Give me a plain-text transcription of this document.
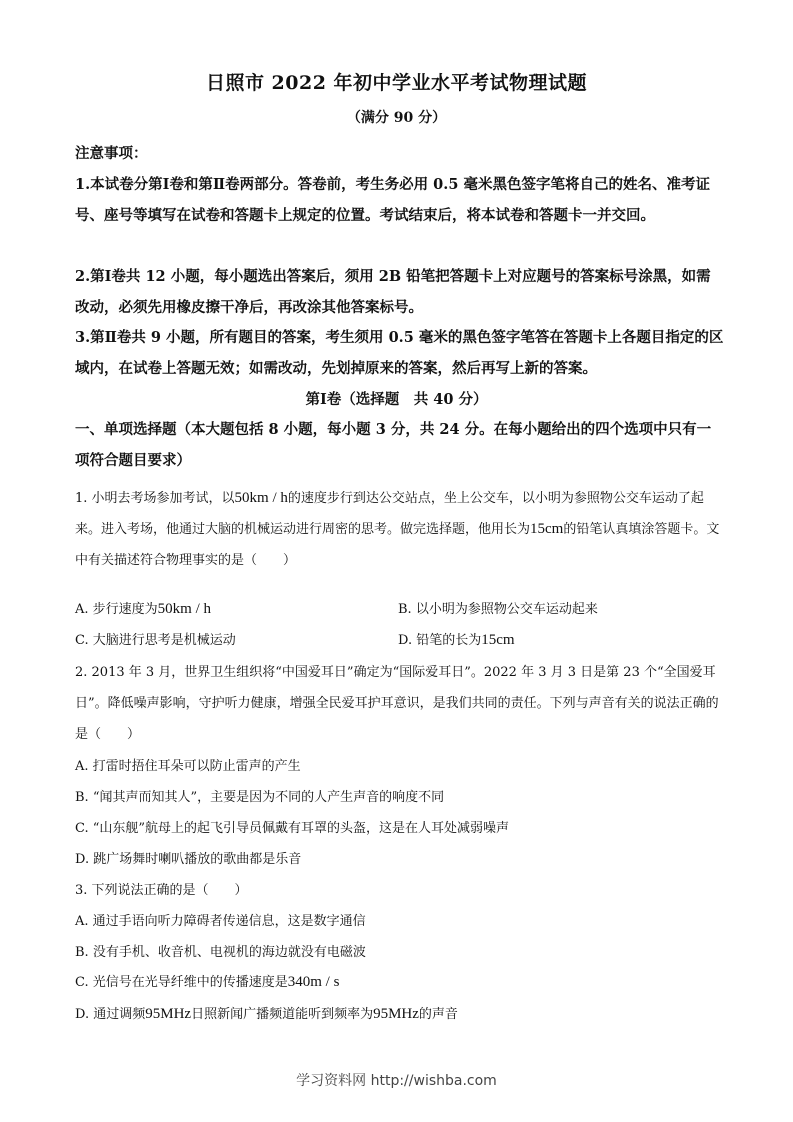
日照市 2022 年初中学业水平考试物理试题
（满分 90 分）
注意事项：
1.本试卷分第Ⅰ卷和第Ⅱ卷两部分。答卷前，考生务必用 0.5 毫米黑色签字笔将自己的姓名、准考证号、座号等填写在试卷和答题卡上规定的位置。考试结束后，将本试卷和答题卡一并交回。
2.第Ⅰ卷共 12 小题，每小题选出答案后，须用 2B 铅笔把答题卡上对应题号的答案标号涂黑，如需改动，必须先用橡皮擦干净后，再改涂其他答案标号。
3.第Ⅱ卷共 9 小题，所有题目的答案，考生须用 0.5 毫米的黑色签字笔答在答题卡上各题目指定的区域内，在试卷上答题无效；如需改动，先划掉原来的答案，然后再写上新的答案。
第Ⅰ卷（选择题　共 40 分）
一、单项选择题（本大题包括 8 小题，每小题 3 分，共 24 分。在每小题给出的四个选项中只有一项符合题目要求）
1. 小明去考场参加考试，以50km / h的速度步行到达公交站点，坐上公交车，以小明为参照物公交车运动了起来。进入考场，他通过大脑的机械运动进行周密的思考。做完选择题，他用长为15cm的铅笔认真填涂答题卡。文中有关描述符合物理事实的是（　　）
A. 步行速度为50km / h	B. 以小明为参照物公交车运动起来
C. 大脑进行思考是机械运动	D. 铅笔的长为15cm
2. 2013 年 3 月，世界卫生组织将“中国爱耳日”确定为“国际爱耳日”。2022 年 3 月 3 日是第 23 个“全国爱耳日”。降低噪声影响，守护听力健康，增强全民爱耳护耳意识，是我们共同的责任。下列与声音有关的说法正确的是（　　）
A. 打雷时捂住耳朵可以防止雷声的产生
B. “闻其声而知其人”，主要是因为不同的人产生声音的响度不同
C. “山东舰”航母上的起飞引导员佩戴有耳罩的头盔，这是在人耳处减弱噪声
D. 跳广场舞时喇叭播放的歌曲都是乐音
3. 下列说法正确的是（　　）
A. 通过手语向听力障碍者传递信息，这是数字通信
B. 没有手机、收音机、电视机的海边就没有电磁波
C. 光信号在光导纤维中的传播速度是340m / s
D. 通过调频95MHz日照新闻广播频道能听到频率为95MHz的声音
学习资料网 http://wishba.com
